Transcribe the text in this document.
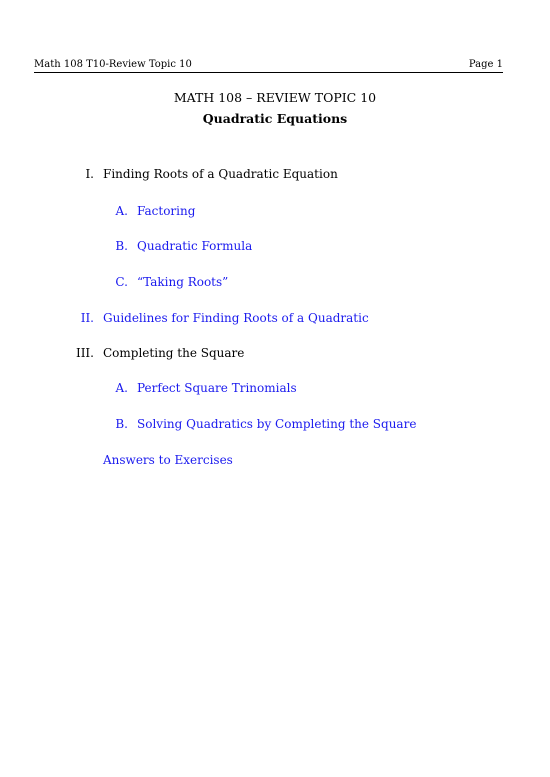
Math 108 T10-Review Topic 10	Page 1
MATH 108 – REVIEW TOPIC 10
Quadratic Equations
I. Finding Roots of a Quadratic Equation
A. Factoring
B. Quadratic Formula
C. “Taking Roots”
II. Guidelines for Finding Roots of a Quadratic
III. Completing the Square
A. Perfect Square Trinomials
B. Solving Quadratics by Completing the Square
Answers to Exercises
